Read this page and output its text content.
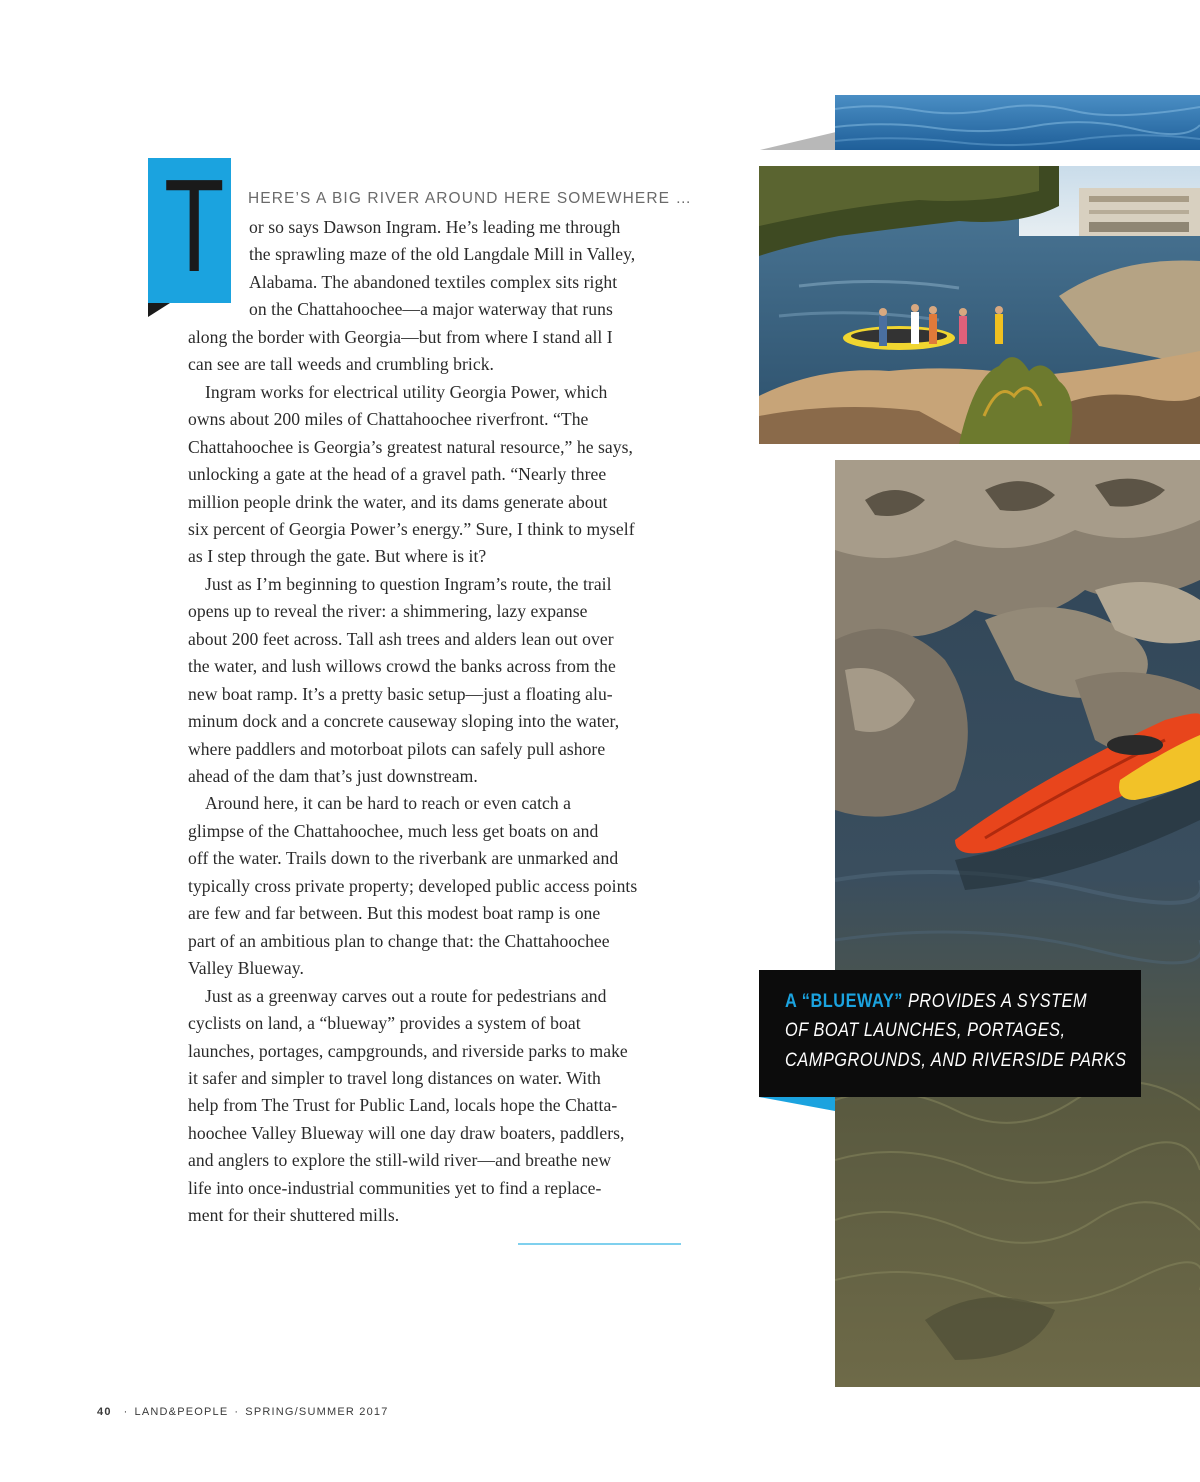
T HERE’S A BIG RIVER AROUND HERE SOMEWHERE …
or so says Dawson Ingram. He’s leading me through
the sprawling maze of the old Langdale Mill in Valley,
Alabama. The abandoned textiles complex sits right
on the Chattahoochee—a major waterway that runs
along the border with Georgia—but from where I stand all I
can see are tall weeds and crumbling brick.
Ingram works for electrical utility Georgia Power, which
owns about 200 miles of Chattahoochee riverfront. “The
Chattahoochee is Georgia’s greatest natural resource,” he says,
unlocking a gate at the head of a gravel path. “Nearly three
million people drink the water, and its dams generate about
six percent of Georgia Power’s energy.” Sure, I think to myself
as I step through the gate. But where is it?
Just as I’m beginning to question Ingram’s route, the trail
opens up to reveal the river: a shimmering, lazy expanse
about 200 feet across. Tall ash trees and alders lean out over
the water, and lush willows crowd the banks across from the
new boat ramp. It’s a pretty basic setup—just a floating alu-
minum dock and a concrete causeway sloping into the water,
where paddlers and motorboat pilots can safely pull ashore
ahead of the dam that’s just downstream.
Around here, it can be hard to reach or even catch a
glimpse of the Chattahoochee, much less get boats on and
off the water. Trails down to the riverbank are unmarked and
typically cross private property; developed public access points
are few and far between. But this modest boat ramp is one
part of an ambitious plan to change that: the Chattahoochee
Valley Blueway.
Just as a greenway carves out a route for pedestrians and
cyclists on land, a “blueway” provides a system of boat
launches, portages, campgrounds, and riverside parks to make
it safer and simpler to travel long distances on water. With
help from The Trust for Public Land, locals hope the Chatta-
hoochee Valley Blueway will one day draw boaters, paddlers,
and anglers to explore the still-wild river—and breathe new
life into once-industrial communities yet to find a replace-
ment for their shuttered mills.
A “BLUEWAY” PROVIDES A SYSTEM
OF BOAT LAUNCHES, PORTAGES,
CAMPGROUNDS, AND RIVERSIDE PARKS
40 · LAND&PEOPLE · SPRING/SUMMER 2017
